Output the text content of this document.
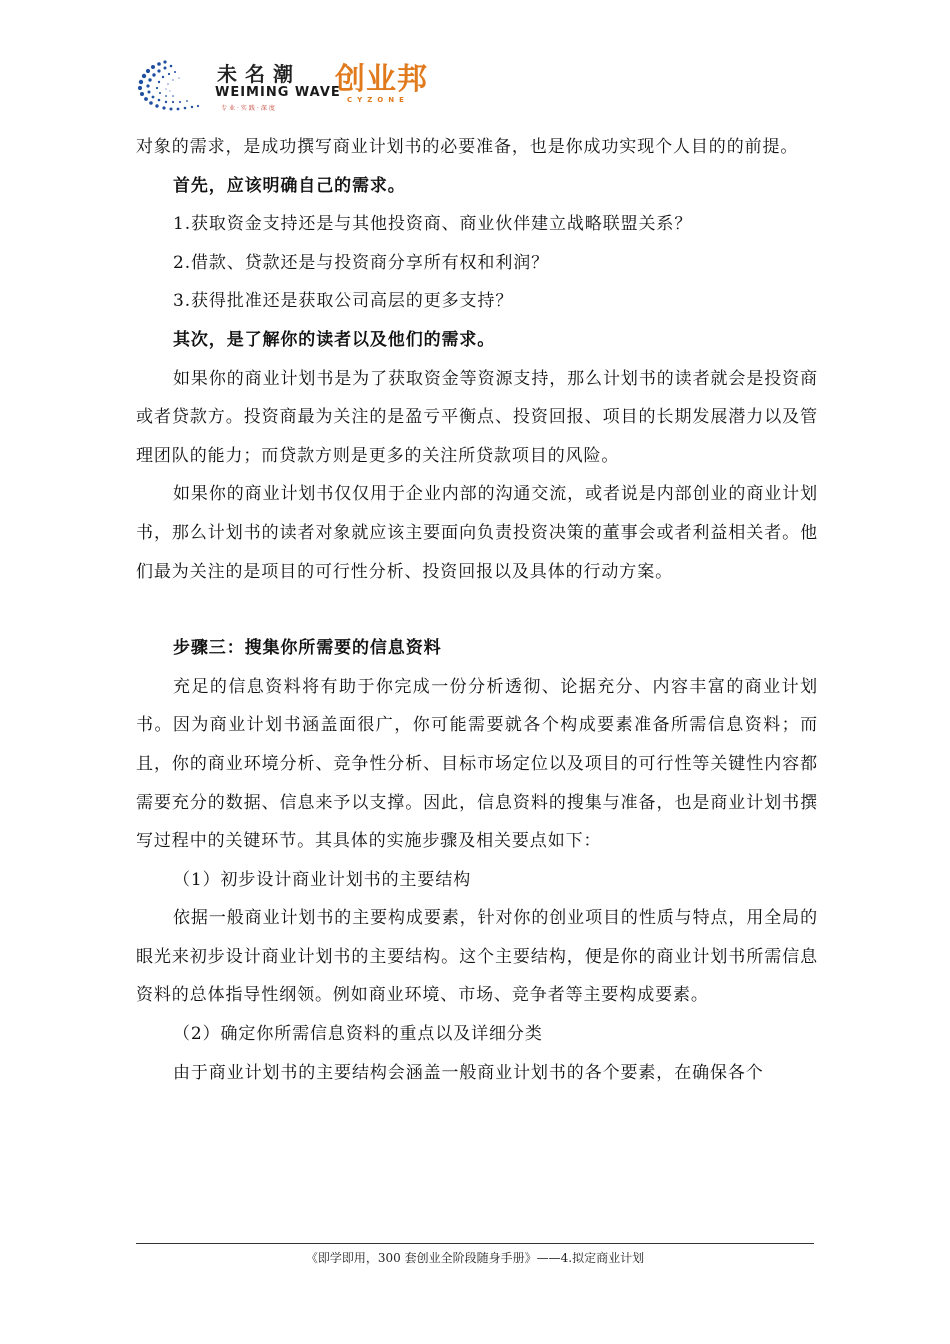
未名潮
WEIMING WAVE
专业·实践·深度
创业邦
CYZONE

对象的需求，是成功撰写商业计划书的必要准备，也是你成功实现个人目的的前提。

首先，应该明确自己的需求。

1.获取资金支持还是与其他投资商、商业伙伴建立战略联盟关系？

2.借款、贷款还是与投资商分享所有权和利润？

3.获得批准还是获取公司高层的更多支持？

其次，是了解你的读者以及他们的需求。

如果你的商业计划书是为了获取资金等资源支持，那么计划书的读者就会是投资商或者贷款方。投资商最为关注的是盈亏平衡点、投资回报、项目的长期发展潜力以及管理团队的能力；而贷款方则是更多的关注所贷款项目的风险。

如果你的商业计划书仅仅用于企业内部的沟通交流，或者说是内部创业的商业计划书，那么计划书的读者对象就应该主要面向负责投资决策的董事会或者利益相关者。他们最为关注的是项目的可行性分析、投资回报以及具体的行动方案。

步骤三：搜集你所需要的信息资料

充足的信息资料将有助于你完成一份分析透彻、论据充分、内容丰富的商业计划书。因为商业计划书涵盖面很广，你可能需要就各个构成要素准备所需信息资料；而且，你的商业环境分析、竞争性分析、目标市场定位以及项目的可行性等关键性内容都需要充分的数据、信息来予以支撑。因此，信息资料的搜集与准备，也是商业计划书撰写过程中的关键环节。其具体的实施步骤及相关要点如下：

（1）初步设计商业计划书的主要结构

依据一般商业计划书的主要构成要素，针对你的创业项目的性质与特点，用全局的眼光来初步设计商业计划书的主要结构。这个主要结构，便是你的商业计划书所需信息资料的总体指导性纲领。例如商业环境、市场、竞争者等主要构成要素。

（2）确定你所需信息资料的重点以及详细分类

由于商业计划书的主要结构会涵盖一般商业计划书的各个要素，在确保各个

《即学即用，300 套创业全阶段随身手册》——4.拟定商业计划
